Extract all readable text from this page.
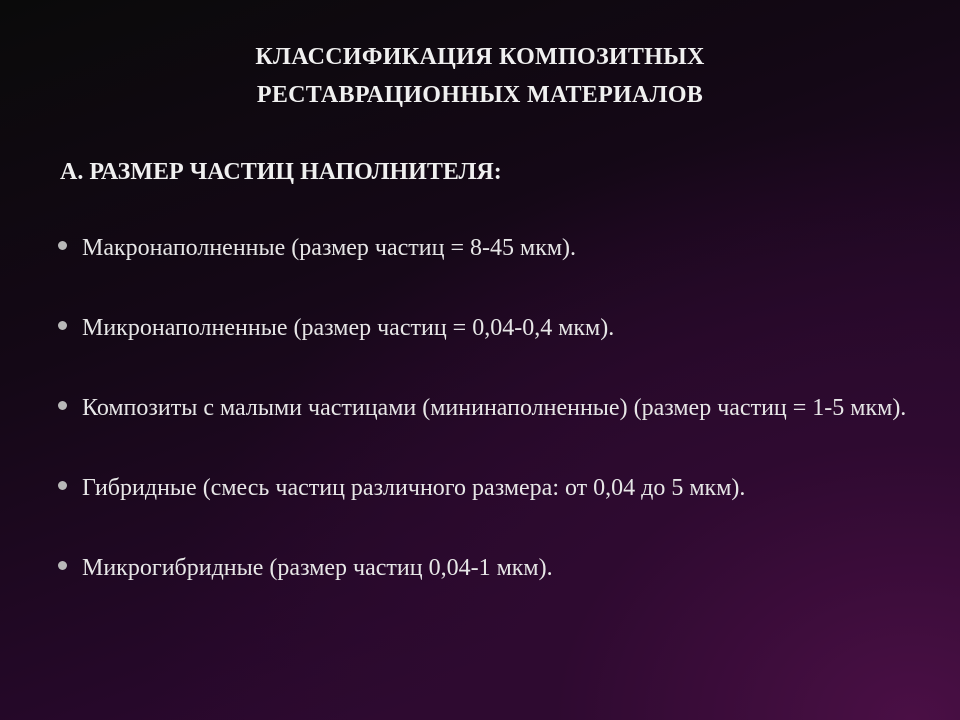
КЛАССИФИКАЦИЯ КОМПОЗИТНЫХ
РЕСТАВРАЦИОННЫХ МАТЕРИАЛОВ
А. РАЗМЕР ЧАСТИЦ НАПОЛНИТЕЛЯ:
Макронаполненные (размер частиц = 8-45 мкм).
Микронаполненные (размер частиц = 0,04-0,4 мкм).
Композиты с малыми частицами (мининаполненные) (размер частиц = 1-5 мкм).
Гибридные (смесь частиц различного размера: от 0,04 до 5 мкм).
Микрогибридные (размер частиц 0,04-1 мкм).
